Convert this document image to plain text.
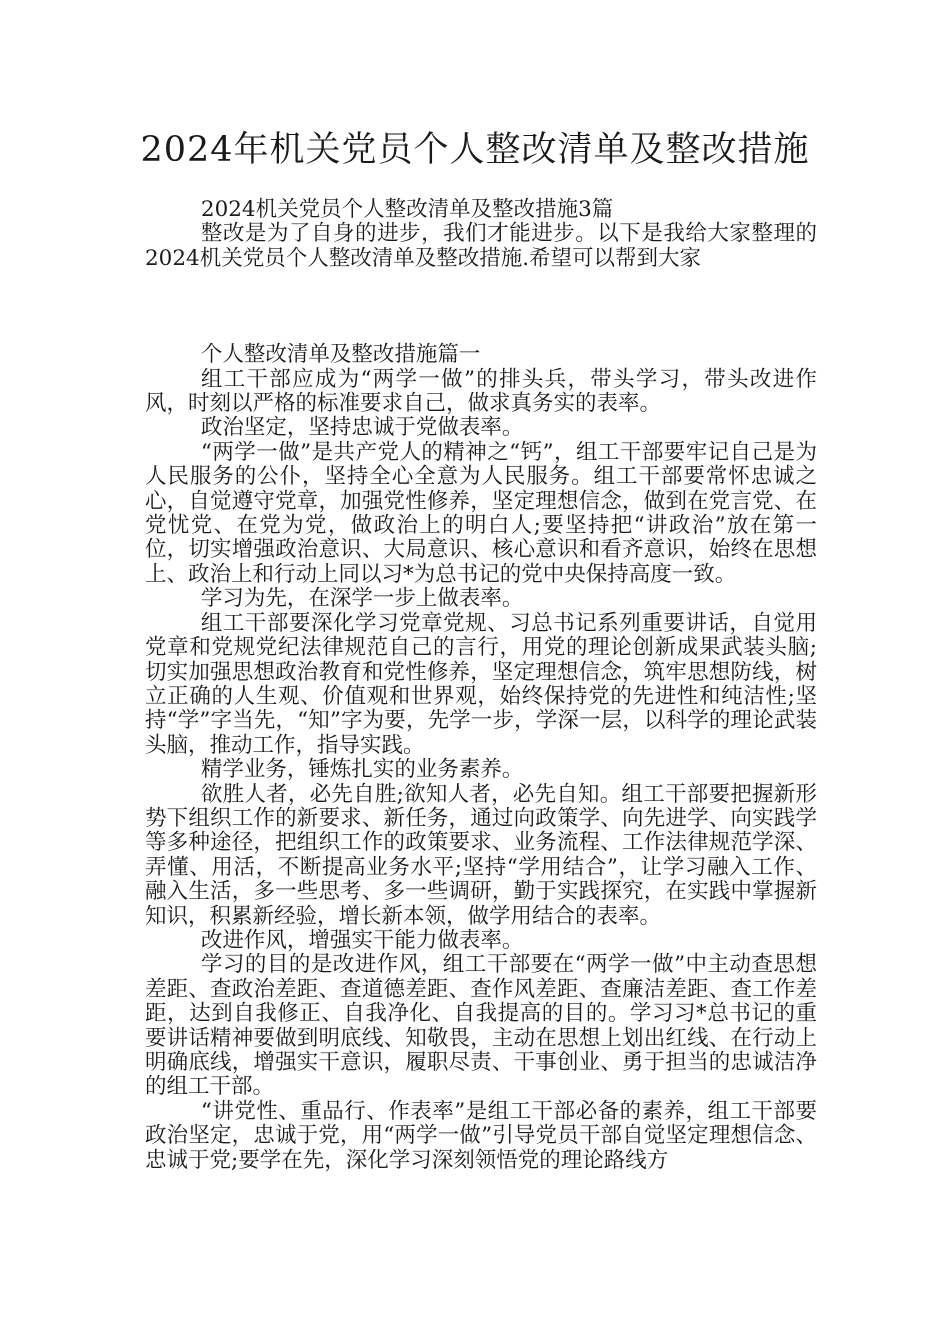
2024年机关党员个人整改清单及整改措施

2024机关党员个人整改清单及整改措施3篇

整改是为了自身的进步，我们才能进步。以下是我给大家整理的2024机关党员个人整改清单及整改措施.希望可以帮到大家

个人整改清单及整改措施篇一

组工干部应成为“两学一做”的排头兵，带头学习，带头改进作风，时刻以严格的标准要求自己，做求真务实的表率。

政治坚定，坚持忠诚于党做表率。

“两学一做”是共产党人的精神之“钙”，组工干部要牢记自己是为人民服务的公仆，坚持全心全意为人民服务。组工干部要常怀忠诚之心，自觉遵守党章，加强党性修养，坚定理想信念，做到在党言党、在党忧党、在党为党，做政治上的明白人;要坚持把“讲政治”放在第一位，切实增强政治意识、大局意识、核心意识和看齐意识，始终在思想上、政治上和行动上同以习*为总书记的党中央保持高度一致。

学习为先，在深学一步上做表率。

组工干部要深化学习党章党规、习总书记系列重要讲话，自觉用党章和党规党纪法律规范自己的言行，用党的理论创新成果武装头脑;切实加强思想政治教育和党性修养，坚定理想信念，筑牢思想防线，树立正确的人生观、价值观和世界观，始终保持党的先进性和纯洁性;坚持“学”字当先，“知”字为要，先学一步，学深一层，以科学的理论武装头脑，推动工作，指导实践。

精学业务，锤炼扎实的业务素养。

欲胜人者，必先自胜;欲知人者，必先自知。组工干部要把握新形势下组织工作的新要求、新任务，通过向政策学、向先进学、向实践学等多种途径，把组织工作的政策要求、业务流程、工作法律规范学深、弄懂、用活，不断提高业务水平;坚持“学用结合”，让学习融入工作、融入生活，多一些思考、多一些调研，勤于实践探究，在实践中掌握新知识，积累新经验，增长新本领，做学用结合的表率。

改进作风，增强实干能力做表率。

学习的目的是改进作风，组工干部要在“两学一做”中主动查思想差距、查政治差距、查道德差距、查作风差距、查廉洁差距、查工作差距，达到自我修正、自我净化、自我提高的目的。学习习*总书记的重要讲话精神要做到明底线、知敬畏，主动在思想上划出红线、在行动上明确底线，增强实干意识，履职尽责、干事创业、勇于担当的忠诚洁净的组工干部。

“讲党性、重品行、作表率”是组工干部必备的素养，组工干部要政治坚定，忠诚于党，用“两学一做”引导党员干部自觉坚定理想信念、忠诚于党;要学在先，深化学习深刻领悟党的理论路线方
